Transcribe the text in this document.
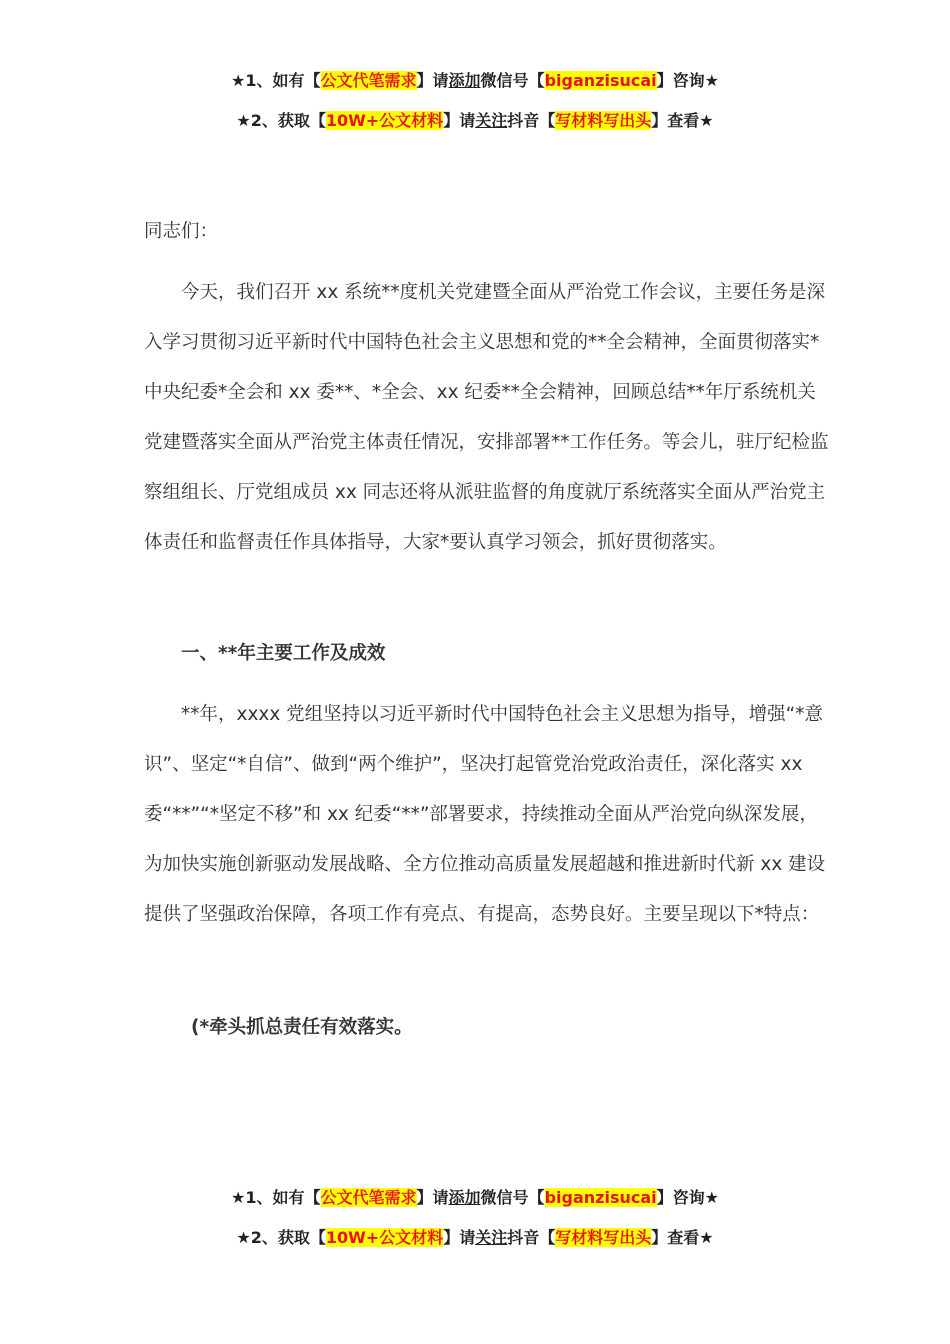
★1、如有【公文代笔需求】请添加微信号【biganzisucai】咨询★
★2、获取【10W+公文材料】请关注抖音【写材料写出头】查看★

同志们：

今天，我们召开 xx 系统**度机关党建暨全面从严治党工作会议，主要任务是深入学习贯彻习近平新时代中国特色社会主义思想和党的**全会精神，全面贯彻落实*中央纪委*全会和 xx 委**、*全会、xx 纪委**全会精神，回顾总结**年厅系统机关党建暨落实全面从严治党主体责任情况，安排部署**工作任务。等会儿，驻厅纪检监察组组长、厅党组成员 xx 同志还将从派驻监督的角度就厅系统落实全面从严治党主体责任和监督责任作具体指导，大家*要认真学习领会，抓好贯彻落实。

一、**年主要工作及成效

**年，xxxx 党组坚持以习近平新时代中国特色社会主义思想为指导，增强“*意识”、坚定“*自信”、做到“两个维护”，坚决打起管党治党政治责任，深化落实 xx 委“**”“*坚定不移”和 xx 纪委“**”部署要求，持续推动全面从严治党向纵深发展，为加快实施创新驱动发展战略、全方位推动高质量发展超越和推进新时代新 xx 建设提供了坚强政治保障，各项工作有亮点、有提高，态势良好。主要呈现以下*特点：

(*牵头抓总责任有效落实。

★1、如有【公文代笔需求】请添加微信号【biganzisucai】咨询★
★2、获取【10W+公文材料】请关注抖音【写材料写出头】查看★
